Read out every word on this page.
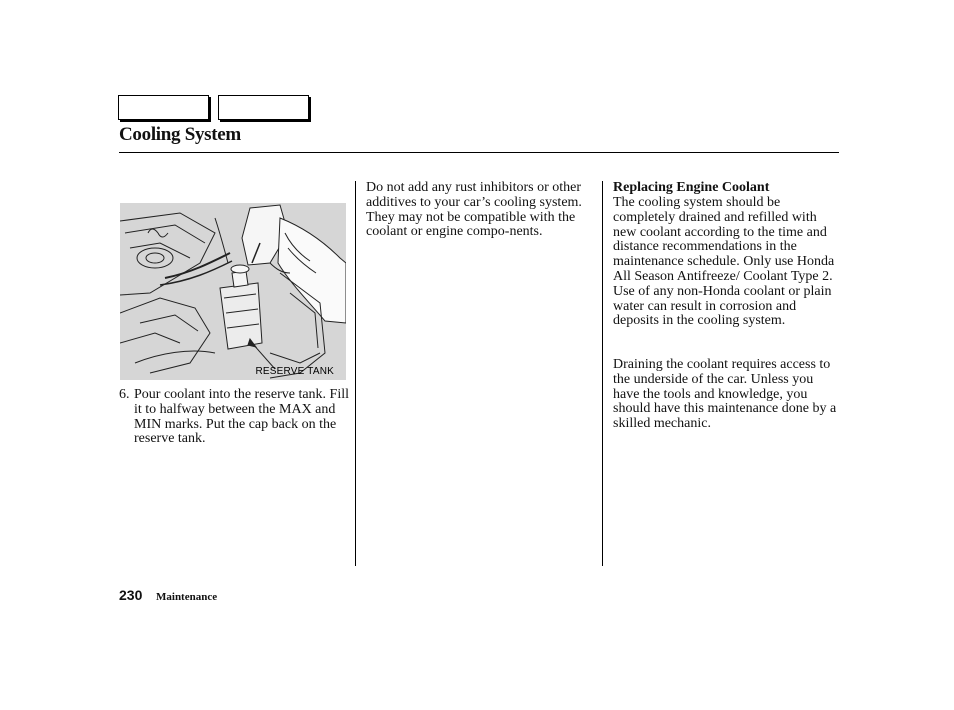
Cooling System
RESERVE TANK
6. Pour coolant into the reserve tank. Fill it to halfway between the MAX and MIN marks. Put the cap back on the reserve tank.

Do not add any rust inhibitors or other additives to your car’s cooling system. They may not be compatible with the coolant or engine compo-nents.

Replacing Engine Coolant

The cooling system should be completely drained and refilled with new coolant according to the time and distance recommendations in the maintenance schedule. Only use Honda All Season Antifreeze/ Coolant Type 2. Use of any non-Honda coolant or plain water can result in corrosion and deposits in the cooling system.

Draining the coolant requires access to the underside of the car. Unless you have the tools and knowledge, you should have this maintenance done by a skilled mechanic.

230 Maintenance
